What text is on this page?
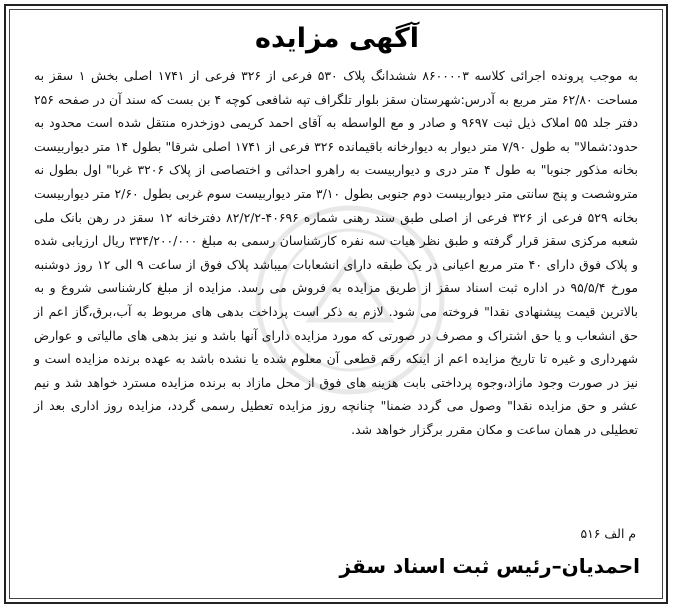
آگهی مزایده
به موجب پرونده اجرائی کلاسه ۸۶۰۰۰۰۳ ششدانگ پلاک ۵۳۰ فرعی از ۳۲۶ فرعی از ۱۷۴۱ اصلی بخش ۱ سقز به مساحت ۶۲/۸۰ متر مربع به آدرس:شهرستان سقز بلوار تلگراف تپه شافعی کوچه ۴ بن بست که سند آن در صفحه ۲۵۶ دفتر جلد ۵۵ املاک ذیل ثبت ۹۶۹۷ و صادر و مع الواسطه به آقای احمد کریمی دوزخدره منتقل شده است محدود به حدود:شمالا" به طول ۷/۹۰ متر دیوار به دیوارخانه باقیمانده ۳۲۶ فرعی از ۱۷۴۱ اصلی شرقا" بطول ۱۴ متر دیواربیست بخانه مذکور جنوبا" به طول ۴ متر دری و دیواربیست به راهرو احداثی و اختصاصی از پلاک ۳۲۰۶ غربا" اول بطول نه متروشصت و پنج سانتی متر دیواربیست دوم جنوبی بطول ۳/۱۰ متر دیواربیست سوم غربی بطول ۲/۶۰ متر دیواربیست بخانه ۵۲۹ فرعی از ۳۲۶ فرعی از اصلی طبق سند رهنی شماره ۴۰۶۹۶-۸۲/۲/۲ دفترخانه ۱۲ سقز در رهن بانک ملی شعبه مرکزی سقز قرار گرفته و طبق نظر هیات سه نفره کارشناسان رسمی به مبلغ ۳۳۴/۲۰۰/۰۰۰ ریال ارزیابی شده و پلاک فوق دارای ۴۰ متر مربع اعیانی در یک طبقه دارای انشعابات میباشد پلاک فوق از ساعت ۹ الی ۱۲ روز دوشنبه مورخ ۹۵/۵/۴ در اداره ثبت اسناد سقز از طریق مزایده به فروش می رسد. مزایده از مبلغ کارشناسی شروع و به بالاترین قیمت پیشنهادی نقدا" فروخته می شود. لازم به ذکر است پرداخت بدهی های مربوط به آب،برق،گاز اعم از حق انشعاب و یا حق اشتراک و مصرف در صورتی که مورد مزایده دارای آنها باشد و نیز بدهی های مالیاتی و عوارض شهرداری و غیره تا تاریخ مزایده اعم از اینکه رقم قطعی آن معلوم شده یا نشده باشد به عهده برنده مزایده است و نیز در صورت وجود مازاد،وجوه پرداختی بابت هزینه های فوق از محل مازاد به برنده مزایده مسترد خواهد شد و نیم عشر و حق مزایده نقدا" وصول می گردد ضمنا" چنانچه روز مزایده تعطیل رسمی گردد، مزایده روز اداری بعد از تعطیلی در همان ساعت و مکان مقرر برگزار خواهد شد.
م الف ۵۱۶
احمدیان–رئیس ثبت اسناد سقز
